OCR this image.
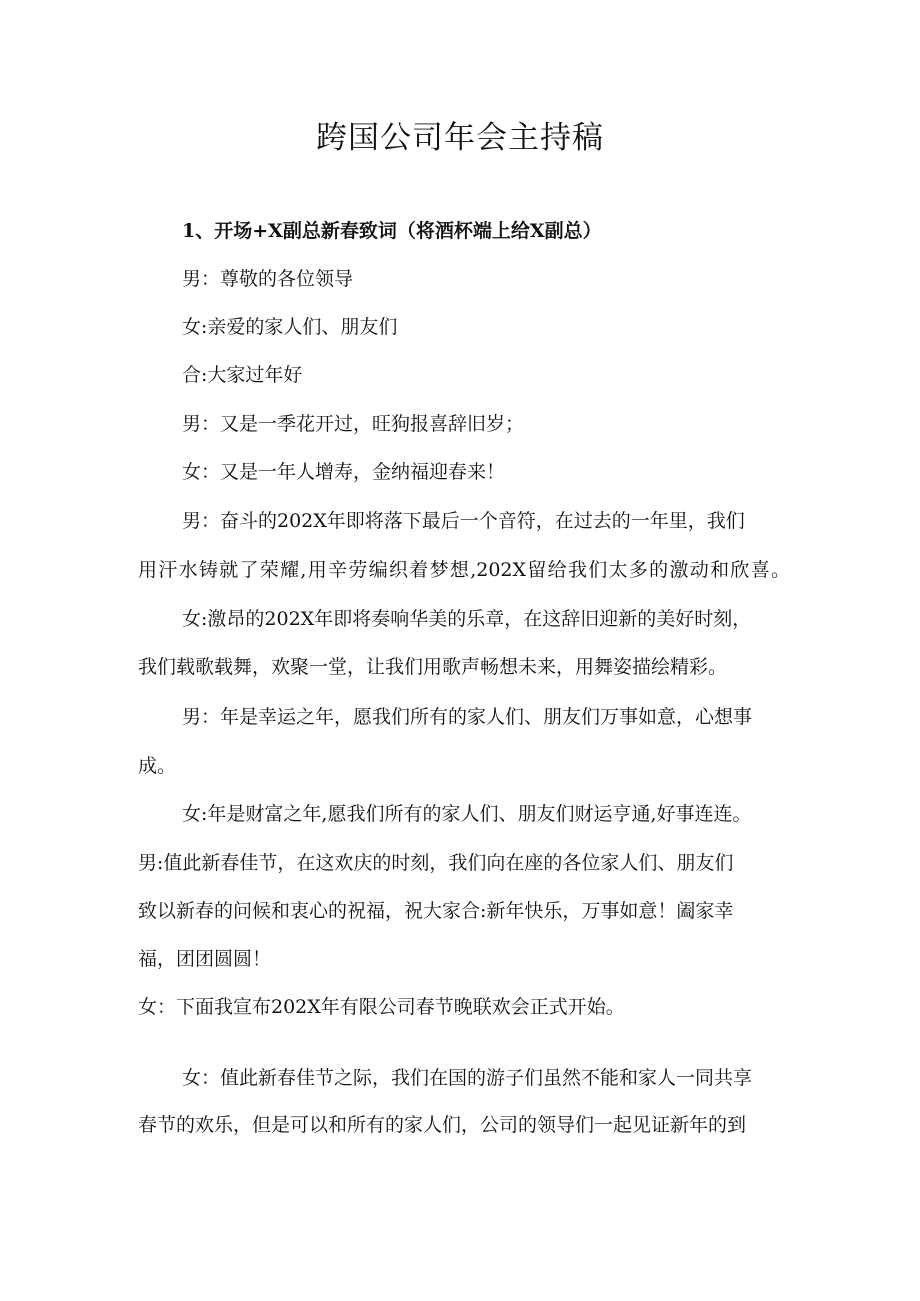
跨国公司年会主持稿

1、开场+X副总新春致词（将酒杯端上给X副总）

男：尊敬的各位领导

女:亲爱的家人们、朋友们

合:大家过年好

男：又是一季花开过，旺狗报喜辞旧岁；

女：又是一年人增寿，金纳福迎春来！

男：奋斗的202X年即将落下最后一个音符，在过去的一年里，我们

用汗水铸就了荣耀,用辛劳编织着梦想,202X留给我们太多的激动和欣喜。

女:激昂的202X年即将奏响华美的乐章，在这辞旧迎新的美好时刻，

我们载歌载舞，欢聚一堂，让我们用歌声畅想未来，用舞姿描绘精彩。

男：年是幸运之年，愿我们所有的家人们、朋友们万事如意，心想事

成。

女:年是财富之年,愿我们所有的家人们、朋友们财运亨通,好事连连。

男:值此新春佳节，在这欢庆的时刻，我们向在座的各位家人们、朋友们

致以新春的问候和衷心的祝福，祝大家合:新年快乐，万事如意！阖家幸

福，团团圆圆！

女：下面我宣布202X年有限公司春节晚联欢会正式开始。

女：值此新春佳节之际，我们在国的游子们虽然不能和家人一同共享

春节的欢乐，但是可以和所有的家人们，公司的领导们一起见证新年的到
